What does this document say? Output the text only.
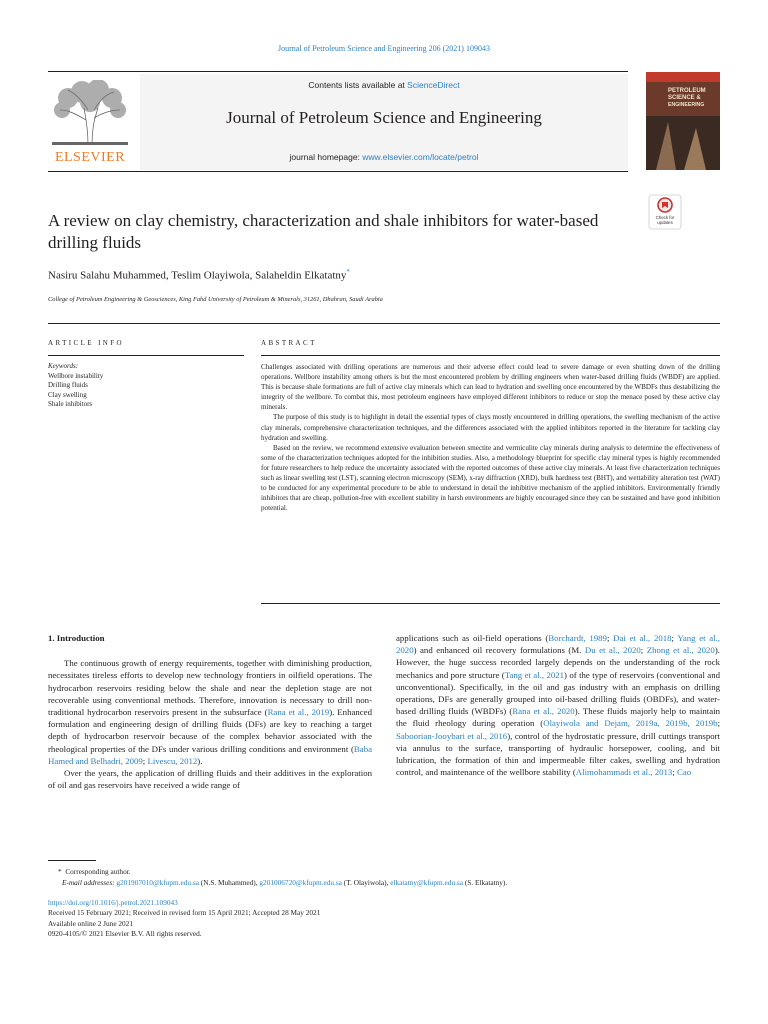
Journal of Petroleum Science and Engineering 206 (2021) 109043
ELSEVIER
Contents lists available at ScienceDirect
Journal of Petroleum Science and Engineering
journal homepage: www.elsevier.com/locate/petrol
PETROLEUM
SCIENCE &
ENGINEERING
Check for
updates
A review on clay chemistry, characterization and shale inhibitors for water-based drilling fluids
Nasiru Salahu Muhammed, Teslim Olayiwola, Salaheldin Elkatatny*
College of Petroleum Engineering & Geosciences, King Fahd University of Petroleum & Minerals, 31261, Dhahran, Saudi Arabia
ARTICLE INFO	ABSTRACT
Keywords:
Wellbore instability
Drilling fluids
Clay swelling
Shale inhibitors

Challenges associated with drilling operations are numerous and their adverse effect could lead to severe damage or even shutting down of the drilling operations. Wellbore instability among others is but the most encountered problem by drilling engineers when water-based drilling fluids (WBDF) are applied. This is because shale formations are full of active clay minerals which can lead to hydration and swelling once encountered by the WBDFs thus destabilizing the integrity of the wellbore. To combat this, most petroleum engineers have employed different inhibitors to reduce or stop the menace posed by these active clay minerals.

The purpose of this study is to highlight in detail the essential types of clays mostly encountered in drilling operations, the swelling mechanism of the active clay minerals, comprehensive characterization techniques, and the differences associated with the applied inhibitors reported in the literature for tackling clay hydration and swelling.

Based on the review, we recommend extensive evaluation between smectite and vermiculite clay minerals during analysis to determine the effectiveness of some of the characterization techniques adopted for the inhibition studies. Also, a methodology blueprint for specific clay mineral types is highly recommended for future researchers to help reduce the uncertainty associated with the reported outcomes of these active clay minerals. At least five characterization techniques such as linear swelling test (LST), scanning electron microscopy (SEM), x-ray diffraction (XRD), bulk hardness test (BHT), and wettability alteration test (WAT) to be conducted for any experimental procedure to be able to understand in detail the inhibitive mechanism of the applied inhibitors. Environmentally friendly inhibitors that are cheap, pollution-free with excellent stability in harsh environments are highly encouraged since they can be sustained and have good inhibition potential.

1. Introduction

The continuous growth of energy requirements, together with diminishing production, necessitates tireless efforts to develop new technology frontiers in oilfield operations. The hydrocarbon reservoirs residing below the shale and near the depletion stage are not recoverable using conventional methods. Therefore, innovation is necessary to drill non-traditional hydrocarbon reservoirs present in the subsurface (Rana et al., 2019). Enhanced formulation and engineering design of drilling fluids (DFs) are key to reaching a target depth of hydrocarbon reservoir because of the complex behavior associated with the rheological properties of the DFs under various drilling conditions and environment (Baba Hamed and Belhadri, 2009; Livescu, 2012).

Over the years, the application of drilling fluids and their additives in the exploration of oil and gas reservoirs have received a wide range of

applications such as oil-field operations (Borchardt, 1989; Dai et al., 2018; Yang et al., 2020) and enhanced oil recovery formulations (M. Du et al., 2020; Zhong et al., 2020). However, the huge success recorded largely depends on the understanding of the rock mechanics and pore structure (Tang et al., 2021) of the type of reservoirs (conventional and unconventional). Specifically, in the oil and gas industry with an emphasis on drilling operations, DFs are generally grouped into oil-based drilling fluids (OBDFs), and water-based drilling fluids (WBDFs) (Rana et al., 2020). These fluids majorly help to maintain the fluid rheology during operation (Olayiwola and Dejam, 2019a, 2019b, 2019b; Saboorian-Jooybari et al., 2016), control of the hydrostatic pressure, drill cuttings transport via annulus to the surface, transporting of hydraulic horsepower, cooling, and bit lubrication, the formation of thin and impermeable filter cakes, swelling and hydration control, and maintenance of the wellbore stability (Alimohammadi et al., 2013; Cao

* Corresponding author.
E-mail addresses: g201907010@kfupm.edu.sa (N.S. Muhammed), g201006720@kfupm.edu.sa (T. Olayiwola), elkatatny@kfupm.edu.sa (S. Elkatatny).
https://doi.org/10.1016/j.petrol.2021.109043
Received 15 February 2021; Received in revised form 15 April 2021; Accepted 28 May 2021
Available online 2 June 2021
0920-4105/© 2021 Elsevier B.V. All rights reserved.
